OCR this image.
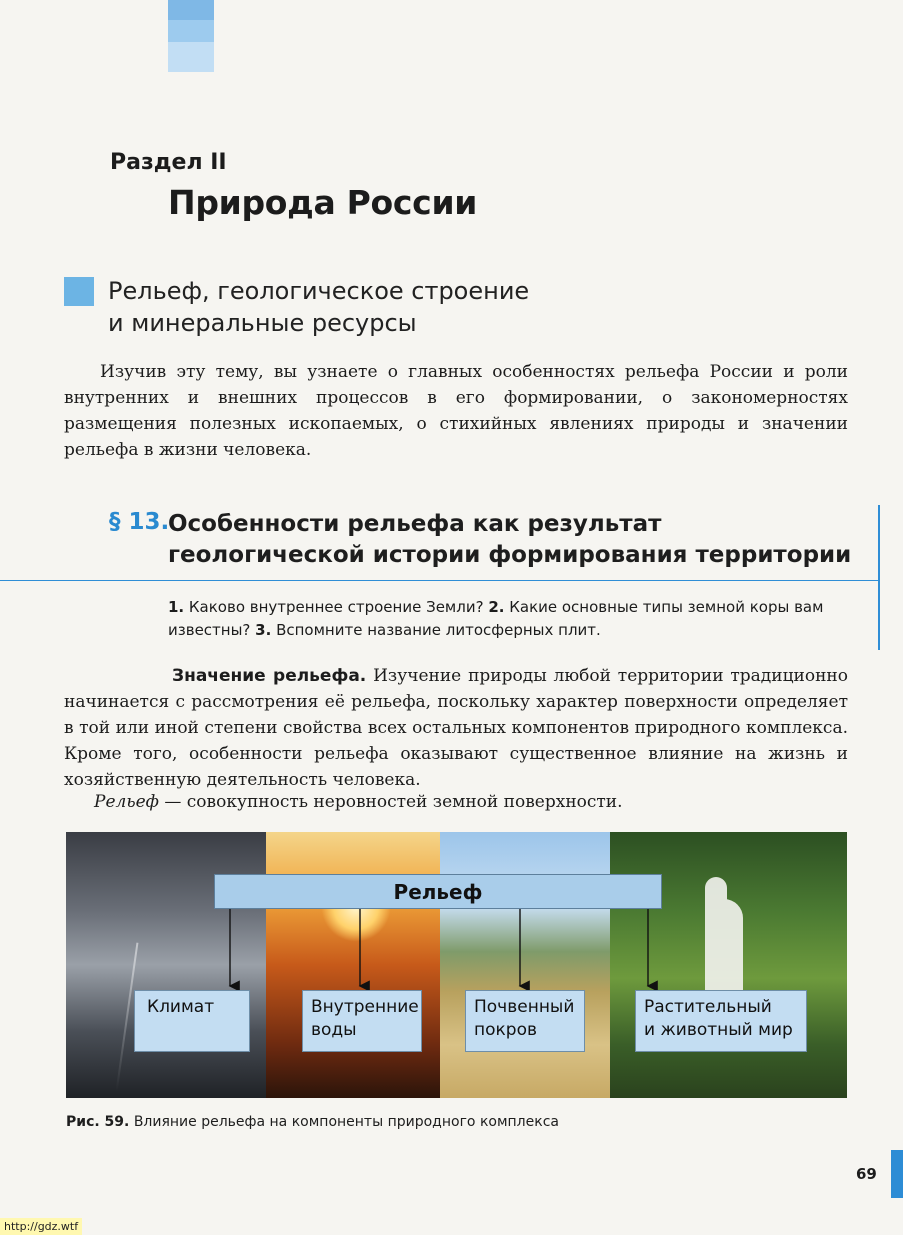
Раздел II
Природа России
Рельеф, геологическое строение
и минеральные ресурсы
Изучив эту тему, вы узнаете о главных особенностях рельефа России и роли внутренних и внешних процессов в его формировании, о закономерностях размещения полезных ископаемых, о стихийных явлениях природы и значении рельефа в жизни человека.
§ 13.
Особенности рельефа как результат геологической истории формирования территории
1. Каково внутреннее строение Земли? 2. Какие основные типы земной коры вам известны? 3. Вспомните название литосферных плит.

Значение рельефа. Изучение природы любой территории традиционно начинается с рассмотрения её рельефа, поскольку характер поверхности определяет в той или иной степени свойства всех остальных компонентов природного комплекса. Кроме того, особенности рельефа оказывают существенное влияние на жизнь и хозяйственную деятельность человека.

Рельеф — совокупность неровностей земной поверхности.
Рельеф
Климат	Внутренние
воды
Почвенный
покров
Растительный
и животный мир
Рис. 59. Влияние рельефа на компоненты природного комплекса
69
http://gdz.wtf
